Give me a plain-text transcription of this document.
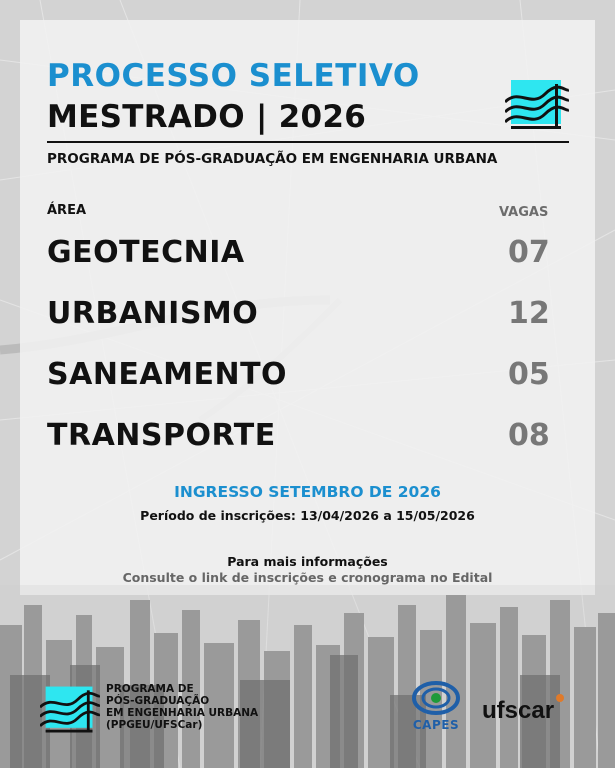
PROCESSO SELETIVO
MESTRADO | 2026
PROGRAMA DE PÓS-GRADUAÇÃO EM ENGENHARIA URBANA
ÁREA	VAGAS
GEOTECNIA	07
URBANISMO	12
SANEAMENTO	05
TRANSPORTE	08
INGRESSO SETEMBRO DE 2026
Período de inscrições: 13/04/2026 a 15/05/2026
Para mais informações
Consulte o link de inscrições e cronograma no Edital
PROGRAMA DE
PÓS-GRADUAÇÃO
EM ENGENHARIA URBANA
(PPGEU/UFSCar)	CAPES
ufscar
